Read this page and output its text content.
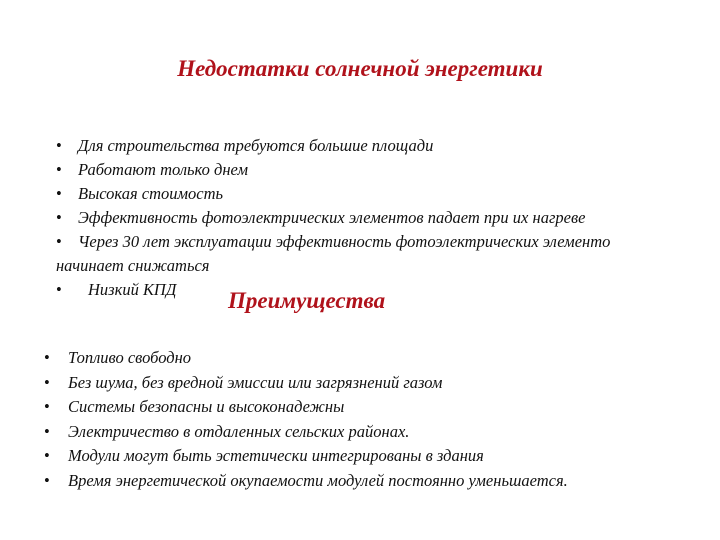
Недостатки солнечной энергетики
• Для строительства требуются большие площади
• Работают только днем
• Высокая стоимость
• Эффективность фотоэлектрических элементов падает при их нагреве
• Через 30 лет эксплуатации эффективность фотоэлектрических элементо
начинает снижаться
• Низкий КПД	Преимущества
• Топливо свободно
• Без шума, без вредной эмиссии или загрязнений газом
• Системы безопасны и высоконадежны
• Электричество в отдаленных сельских районах.
• Модули могут быть эстетически интегрированы в здания
• Время энергетической окупаемости модулей постоянно уменьшается.
